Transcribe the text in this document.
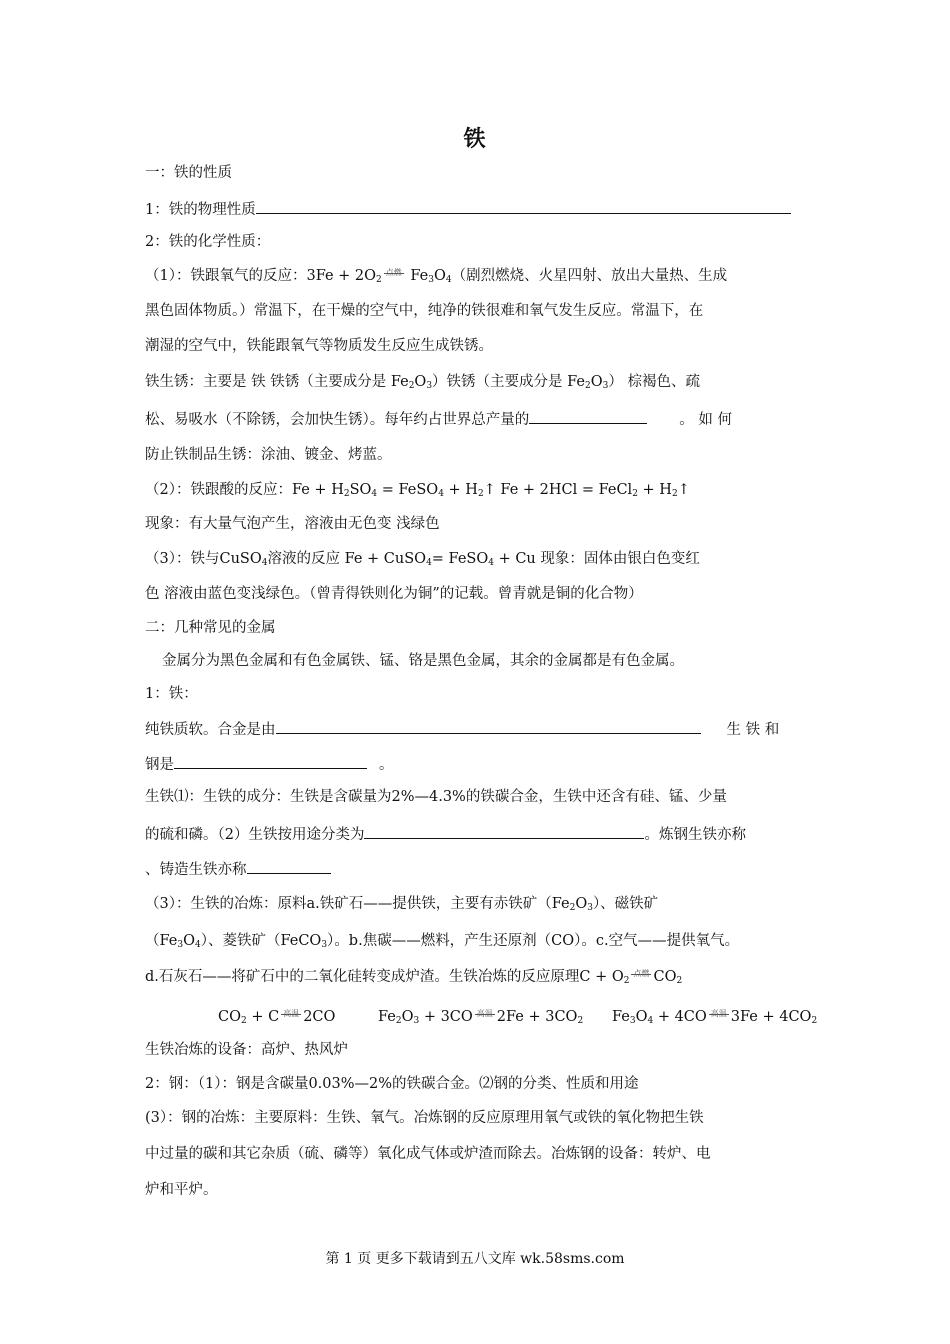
铁
一：铁的性质
1：铁的物理性质
2：铁的化学性质：
（1）：铁跟氧气的反应：$3Fe + 2O_2$
点燃 $Fe_3O_4$（剧烈燃烧、火星四射、放出大量热、生成
黑色固体物质。）常温下，在干燥的空气中，纯净的铁很难和氧气发生反应。常温下，在
潮湿的空气中，铁能跟氧气等物质发生反应生成铁锈。
铁生锈：主要是 铁 铁锈（主要成分是 $Fe_2O_3$）铁锈（主要成分是 $Fe_2O_3$） 棕褐色、疏
松、易吸水（不除锈，会加快生锈）。每年约占世界总产量的	。 如 何
防止铁制品生锈：涂油、镀金、烤蓝。
（2）：铁跟酸的反应：$Fe + H_2SO_4$ = FeSO$_4$ + $H_2↑$ Fe + 2HCl = FeCl$_2$ + $H_2↑$
现象：有大量气泡产生，溶液由无色变 浅绿色
（3）：铁与CuSO$_4$溶液的反应 Fe + CuSO$_4$= FeSO$_4$ + Cu 现象：固体由银白色变红
色 溶液由蓝色变浅绿色。（曾青得铁则化为铜”的记载。曾青就是铜的化合物）
二：几种常见的金属
金属分为黑色金属和有色金属铁、锰、铬是黑色金属，其余的金属都是有色金属。
1：铁：
纯铁质软。合金是由	生 铁 和
钢是	。
生铁⑴：生铁的成分：生铁是含碳量为2%—4.3%的铁碳合金，生铁中还含有硅、锰、少量
的硫和磷。（2）生铁按用途分类为	。炼钢生铁亦称
、铸造生铁亦称
（3）：生铁的冶炼：原料a.铁矿石——提供铁，主要有赤铁矿$(Fe_2O_3)$、磁铁矿
$(Fe_3O_4)$、菱铁矿（FeCO$_3$）。b.焦碳——燃料，产生还原剂（CO）。c.空气——提供氧气。
d.石灰石——将矿石中的二氧化硅转变成炉渣。生铁冶炼的反应原理$C + O_2$
点燃 $CO_2$
$CO_2 + C$ 高温 2CO	$Fe_2O_3 + 3CO$ 高温 $2Fe + 3CO_2$ $Fe_3O_4 + 4CO$ 高温 $3Fe + 4CO_2$
生铁冶炼的设备：高炉、热风炉
2：钢：（1）：钢是含碳量0.03%—2%的铁碳合金。⑵钢的分类、性质和用途
(3）：钢的冶炼：主要原料：生铁、氧气。冶炼钢的反应原理用氧气或铁的氧化物把生铁
中过量的碳和其它杂质（硫、磷等）氧化成气体或炉渣而除去。冶炼钢的设备：转炉、电
炉和平炉。
第 1 页 更多下载请到五八文库 wk.58sms.com
